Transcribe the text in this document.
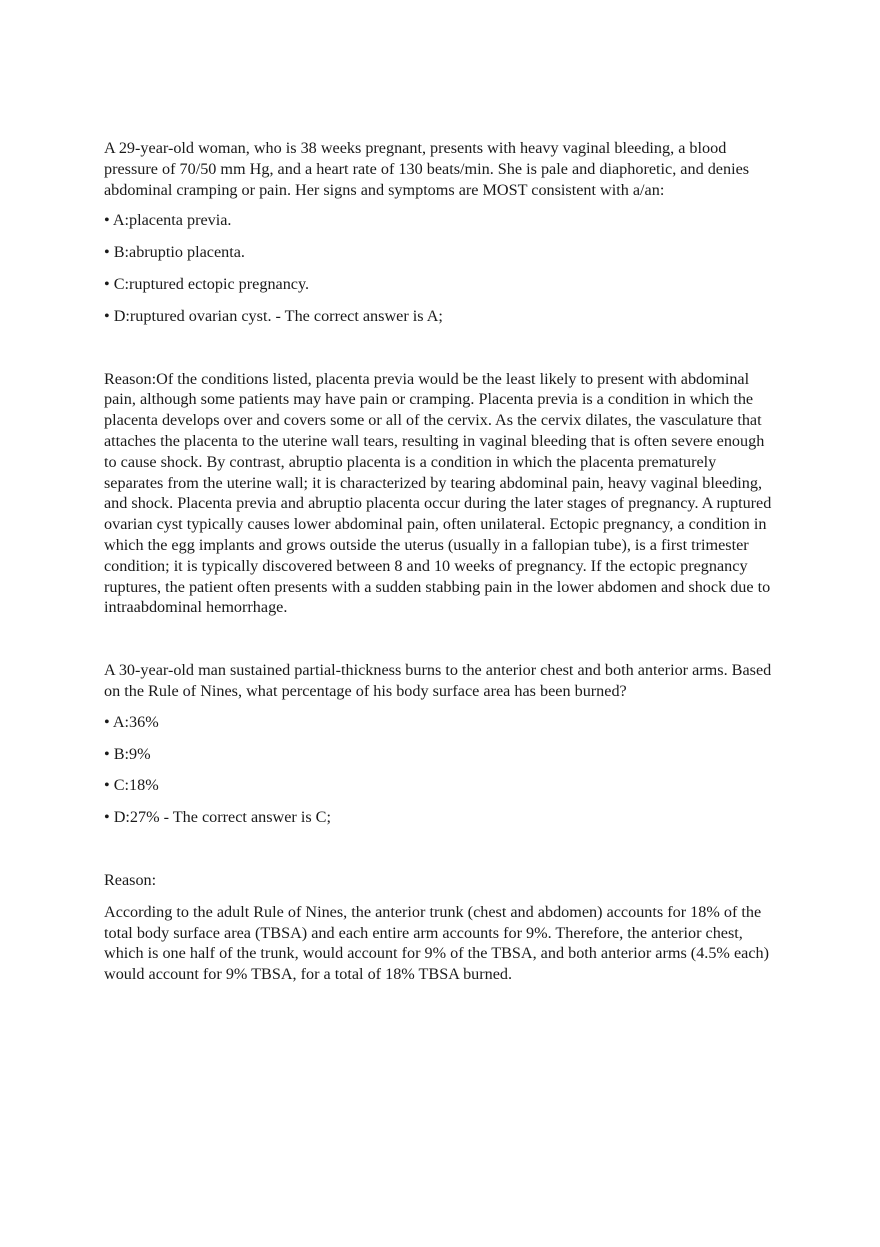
A 29-year-old woman, who is 38 weeks pregnant, presents with heavy vaginal bleeding, a blood pressure of 70/50 mm Hg, and a heart rate of 130 beats/min. She is pale and diaphoretic, and denies abdominal cramping or pain. Her signs and symptoms are MOST consistent with a/an:

• A:placenta previa.

• B:abruptio placenta.

• C:ruptured ectopic pregnancy.

• D:ruptured ovarian cyst. - The correct answer is A;

Reason:Of the conditions listed, placenta previa would be the least likely to present with abdominal pain, although some patients may have pain or cramping. Placenta previa is a condition in which the placenta develops over and covers some or all of the cervix. As the cervix dilates, the vasculature that attaches the placenta to the uterine wall tears, resulting in vaginal bleeding that is often severe enough to cause shock. By contrast, abruptio placenta is a condition in which the placenta prematurely separates from the uterine wall; it is characterized by tearing abdominal pain, heavy vaginal bleeding, and shock. Placenta previa and abruptio placenta occur during the later stages of pregnancy. A ruptured ovarian cyst typically causes lower abdominal pain, often unilateral. Ectopic pregnancy, a condition in which the egg implants and grows outside the uterus (usually in a fallopian tube), is a first trimester condition; it is typically discovered between 8 and 10 weeks of pregnancy. If the ectopic pregnancy ruptures, the patient often presents with a sudden stabbing pain in the lower abdomen and shock due to intraabdominal hemorrhage.

A 30-year-old man sustained partial-thickness burns to the anterior chest and both anterior arms. Based on the Rule of Nines, what percentage of his body surface area has been burned?

• A:36%

• B:9%

• C:18%

• D:27% - The correct answer is C;

Reason:

According to the adult Rule of Nines, the anterior trunk (chest and abdomen) accounts for 18% of the total body surface area (TBSA) and each entire arm accounts for 9%. Therefore, the anterior chest, which is one half of the trunk, would account for 9% of the TBSA, and both anterior arms (4.5% each) would account for 9% TBSA, for a total of 18% TBSA burned.
